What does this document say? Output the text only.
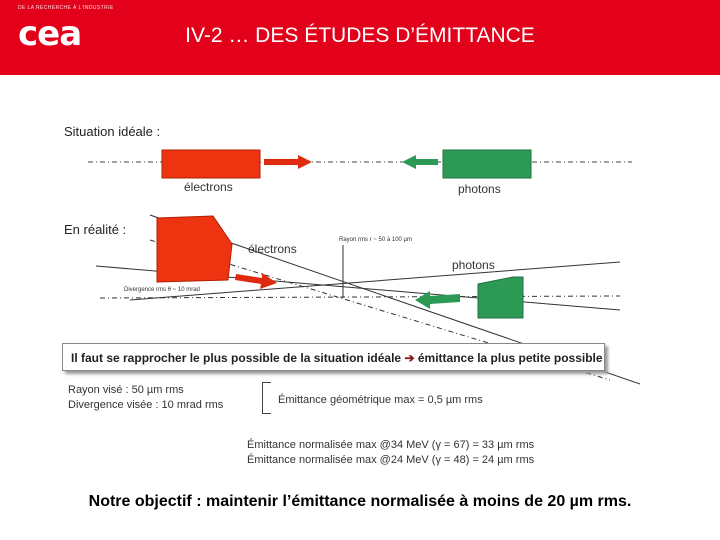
DE LA RECHERCHE À L'INDUSTRIE
cea	IV-2 … DES ÉTUDES D’ÉMITTANCE
Situation idéale :
électrons	photons
En réalité :
électrons
photons
Rayon rms r ~ 50 à 100 µm
Divergence rms θ ~ 10 mrad
Il faut se rapprocher le plus possible de la situation idéale ➔ émittance la plus petite possible
Rayon visé : 50 µm rms
Divergence visée : 10 mrad rms	Émittance géométrique max = 0,5 µm rms
Émittance normalisée max @34 MeV (γ = 67) = 33 µm rms
Émittance normalisée max @24 MeV (γ = 48) = 24 µm rms
Notre objectif : maintenir l’émittance normalisée à moins de 20 µm rms.
